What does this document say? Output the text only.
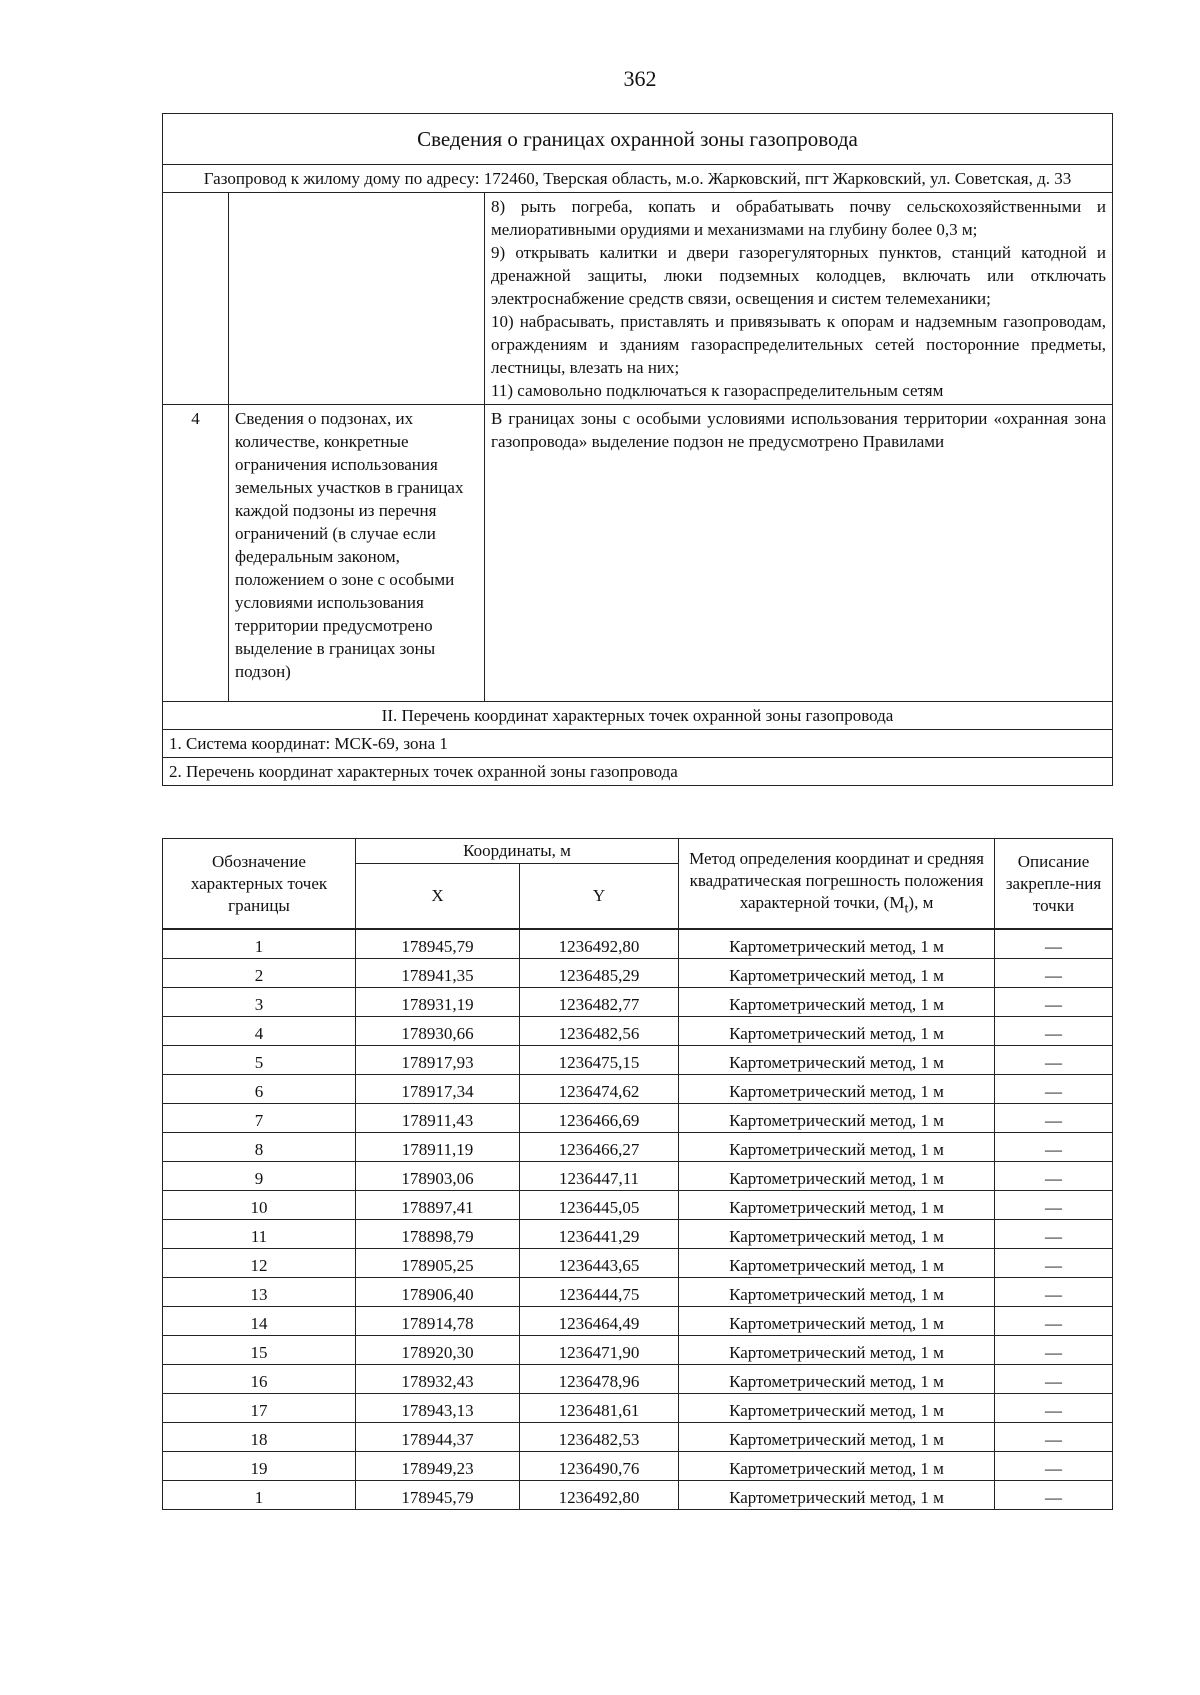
362
Сведения о границах охранной зоны газопровода		
Газопровод к жилому дому по адресу: 172460, Тверская область, м.о. Жарковский, пгт Жарковский, ул. Советская, д. 33		

		8) рыть погреба, копать и обрабатывать почву сельскохозяйственными и мелиоративными орудиями и механизмами на глубину более 0,3 м;

9) открывать калитки и двери газорегуляторных пунктов, станций катодной и дренажной защиты, люки подземных колодцев, включать или отключать электроснабжение средств связи, освещения и систем телемеханики;

10) набрасывать, приставлять и привязывать к опорам и надземным газопроводам, ограждениям и зданиям газораспределительных сетей посторонние предметы, лестницы, влезать на них;

11) самовольно подключаться к газораспределительным сетям

4	Сведения о подзонах, их количестве, конкретные ограничения использования земельных участков в границах каждой подзоны из перечня ограничений (в случае если федеральным законом, положением о зоне с особыми условиями использования территории предусмотрено выделение в границах зоны подзон)	В границах зоны с особыми условиями использования территории «охранная зона газопровода» выделение подзон не предусмотрено Правилами
II. Перечень координат характерных точек охранной зоны газопровода		
1. Система координат: МСК-69, зона 1		
2. Перечень координат характерных точек охранной зоны газопровода		
Обозначение характерных точек границы	Координаты, м		Метод определения координат и средняя квадратическая погрешность положения характерной точки, $(M_t)$, м	Описание закрепле-ния точки
	X	Y		
1	178945,79	1236492,80	Картометрический метод, 1 м	—
2	178941,35	1236485,29	Картометрический метод, 1 м	—
3	178931,19	1236482,77	Картометрический метод, 1 м	—
4	178930,66	1236482,56	Картометрический метод, 1 м	—
5	178917,93	1236475,15	Картометрический метод, 1 м	—
6	178917,34	1236474,62	Картометрический метод, 1 м	—
7	178911,43	1236466,69	Картометрический метод, 1 м	—
8	178911,19	1236466,27	Картометрический метод, 1 м	—
9	178903,06	1236447,11	Картометрический метод, 1 м	—
10	178897,41	1236445,05	Картометрический метод, 1 м	—
11	178898,79	1236441,29	Картометрический метод, 1 м	—
12	178905,25	1236443,65	Картометрический метод, 1 м	—
13	178906,40	1236444,75	Картометрический метод, 1 м	—
14	178914,78	1236464,49	Картометрический метод, 1 м	—
15	178920,30	1236471,90	Картометрический метод, 1 м	—
16	178932,43	1236478,96	Картометрический метод, 1 м	—
17	178943,13	1236481,61	Картометрический метод, 1 м	—
18	178944,37	1236482,53	Картометрический метод, 1 м	—
19	178949,23	1236490,76	Картометрический метод, 1 м	—
1	178945,79	1236492,80	Картометрический метод, 1 м	—
